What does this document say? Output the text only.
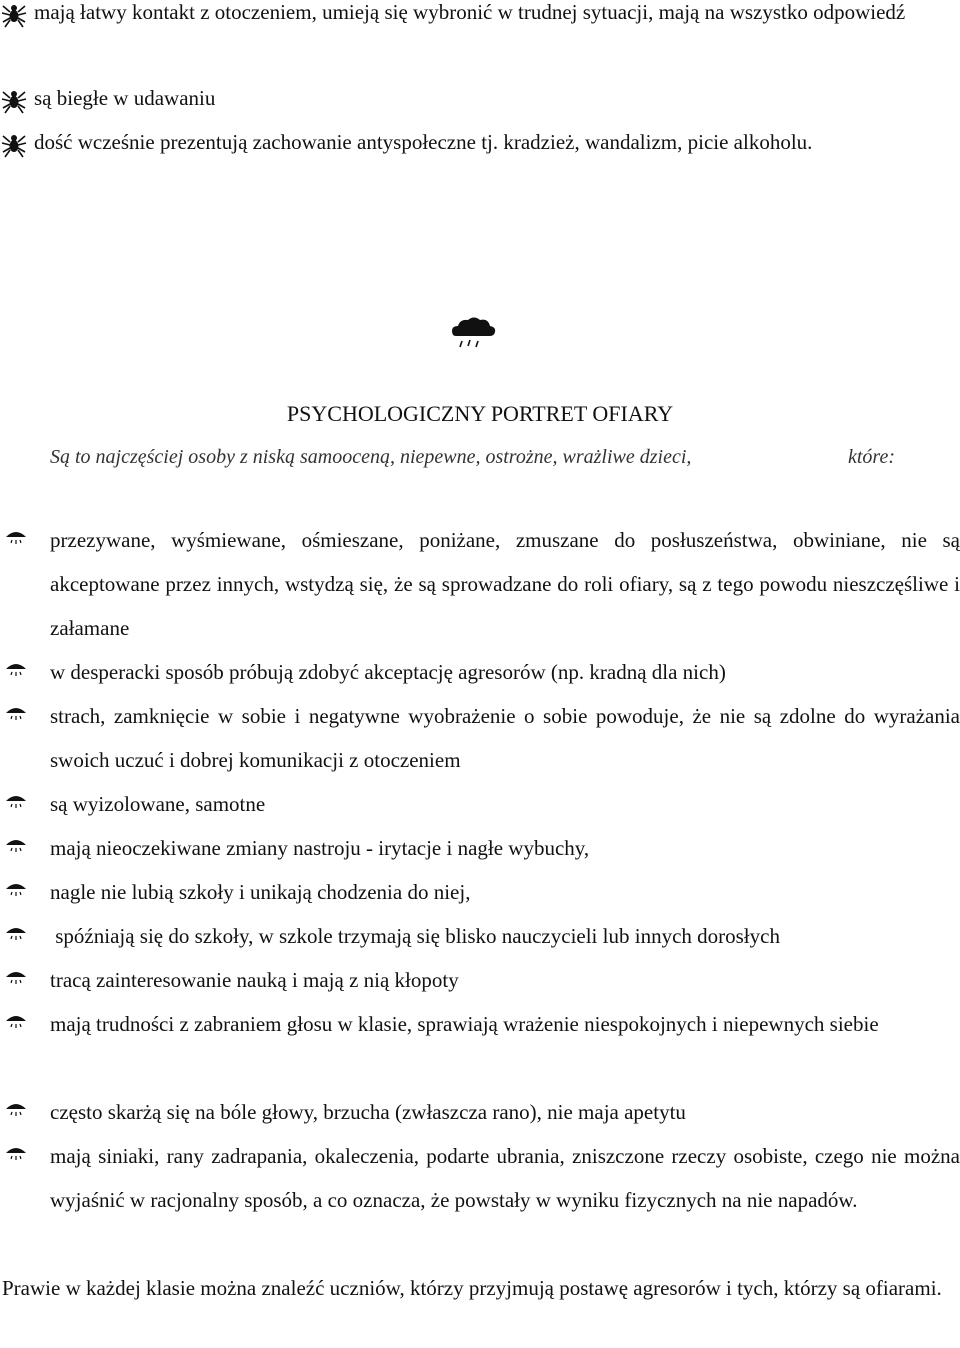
mają łatwy kontakt z otoczeniem, umieją się wybronić w trudnej sytuacji, mają na wszystko odpowiedź

są biegłe w udawaniu

dość wcześnie prezentują zachowanie antyspołeczne tj. kradzież, wandalizm, picie alkoholu.

PSYCHOLOGICZNY PORTRET OFIARY

Są to najczęściej osoby z niską samooceną, niepewne, ostrożne, wrażliwe dzieci,	które:

przezywane, wyśmiewane, ośmieszane, poniżane, zmuszane do posłuszeństwa, obwiniane, nie są akceptowane przez innych, wstydzą się, że są sprowadzane do roli ofiary, są z tego powodu nieszczęśliwe i załamane

w desperacki sposób próbują zdobyć akceptację agresorów (np. kradną dla nich)

strach, zamknięcie w sobie i negatywne wyobrażenie o sobie powoduje, że nie są zdolne do wyrażania swoich uczuć i dobrej komunikacji z otoczeniem

są wyizolowane, samotne

mają nieoczekiwane zmiany nastroju - irytacje i nagłe wybuchy,

nagle nie lubią szkoły i unikają chodzenia do niej,

spóźniają się do szkoły, w szkole trzymają się blisko nauczycieli lub innych dorosłych

tracą zainteresowanie nauką i mają z nią kłopoty

mają trudności z zabraniem głosu w klasie, sprawiają wrażenie niespokojnych i niepewnych siebie

często skarżą się na bóle głowy, brzucha (zwłaszcza rano), nie maja apetytu

mają siniaki, rany zadrapania, okaleczenia, podarte ubrania, zniszczone rzeczy osobiste, czego nie można wyjaśnić w racjonalny sposób, a co oznacza, że powstały w wyniku fizycznych na nie napadów.

Prawie w każdej klasie można znaleźć uczniów, którzy przyjmują postawę agresorów i tych, którzy są ofiarami.
